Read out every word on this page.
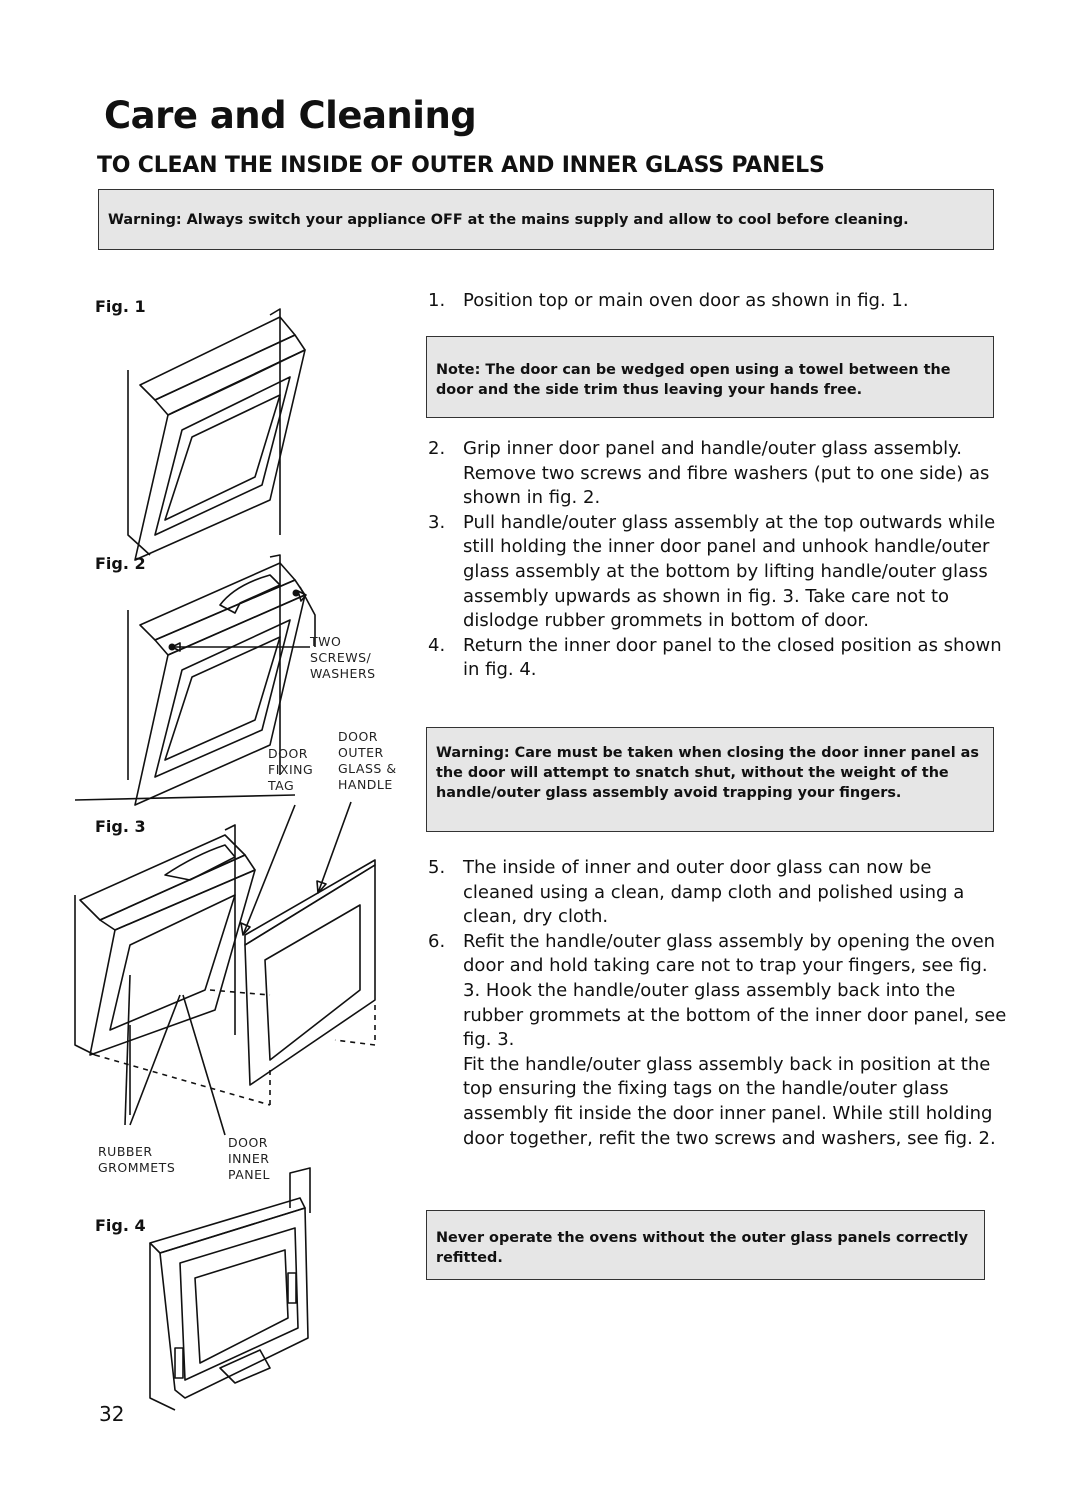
Care and Cleaning
TO CLEAN THE INSIDE OF OUTER AND INNER GLASS PANELS
Warning: Always switch your appliance OFF at the mains supply and allow to cool before cleaning.
1. Position top or main oven door as shown in fig. 1.
Note: The door can be wedged open using a towel between the door and the side trim thus leaving your hands free.
2. Grip inner door panel and handle/outer glass assembly. Remove two screws and fibre washers (put to one side) as shown in fig. 2.
3. Pull handle/outer glass assembly at the top outwards while still holding the inner door panel and unhook handle/outer glass assembly at the bottom by lifting handle/outer glass assembly upwards as shown in fig. 3. Take care not to dislodge rubber grommets in bottom of door.
4. Return the inner door panel to the closed position as shown in fig. 4.
Warning: Care must be taken when closing the door inner panel as the door will attempt to snatch shut, without the weight of the handle/outer glass assembly avoid trapping your fingers.
5. The inside of inner and outer door glass can now be cleaned using a clean, damp cloth and polished using a clean, dry cloth.
6. Refit the handle/outer glass assembly by opening the oven door and hold taking care not to trap your fingers, see fig. 3. Hook the handle/outer glass assembly back into the rubber grommets at the bottom of the inner door panel, see fig. 3.
Fit the handle/outer glass assembly back in position at the top ensuring the fixing tags on the handle/outer glass assembly fit inside the door inner panel. While still holding door together, refit the two screws and washers, see fig. 2.
Never operate the ovens without the outer glass panels correctly refitted.
Fig. 1
Fig. 2
Fig. 3
Fig. 4
TWO
SCREWS/
WASHERS
DOOR
FIXING
TAG
DOOR
OUTER
GLASS &
HANDLE
RUBBER
GROMMETS
DOOR
INNER
PANEL
32
